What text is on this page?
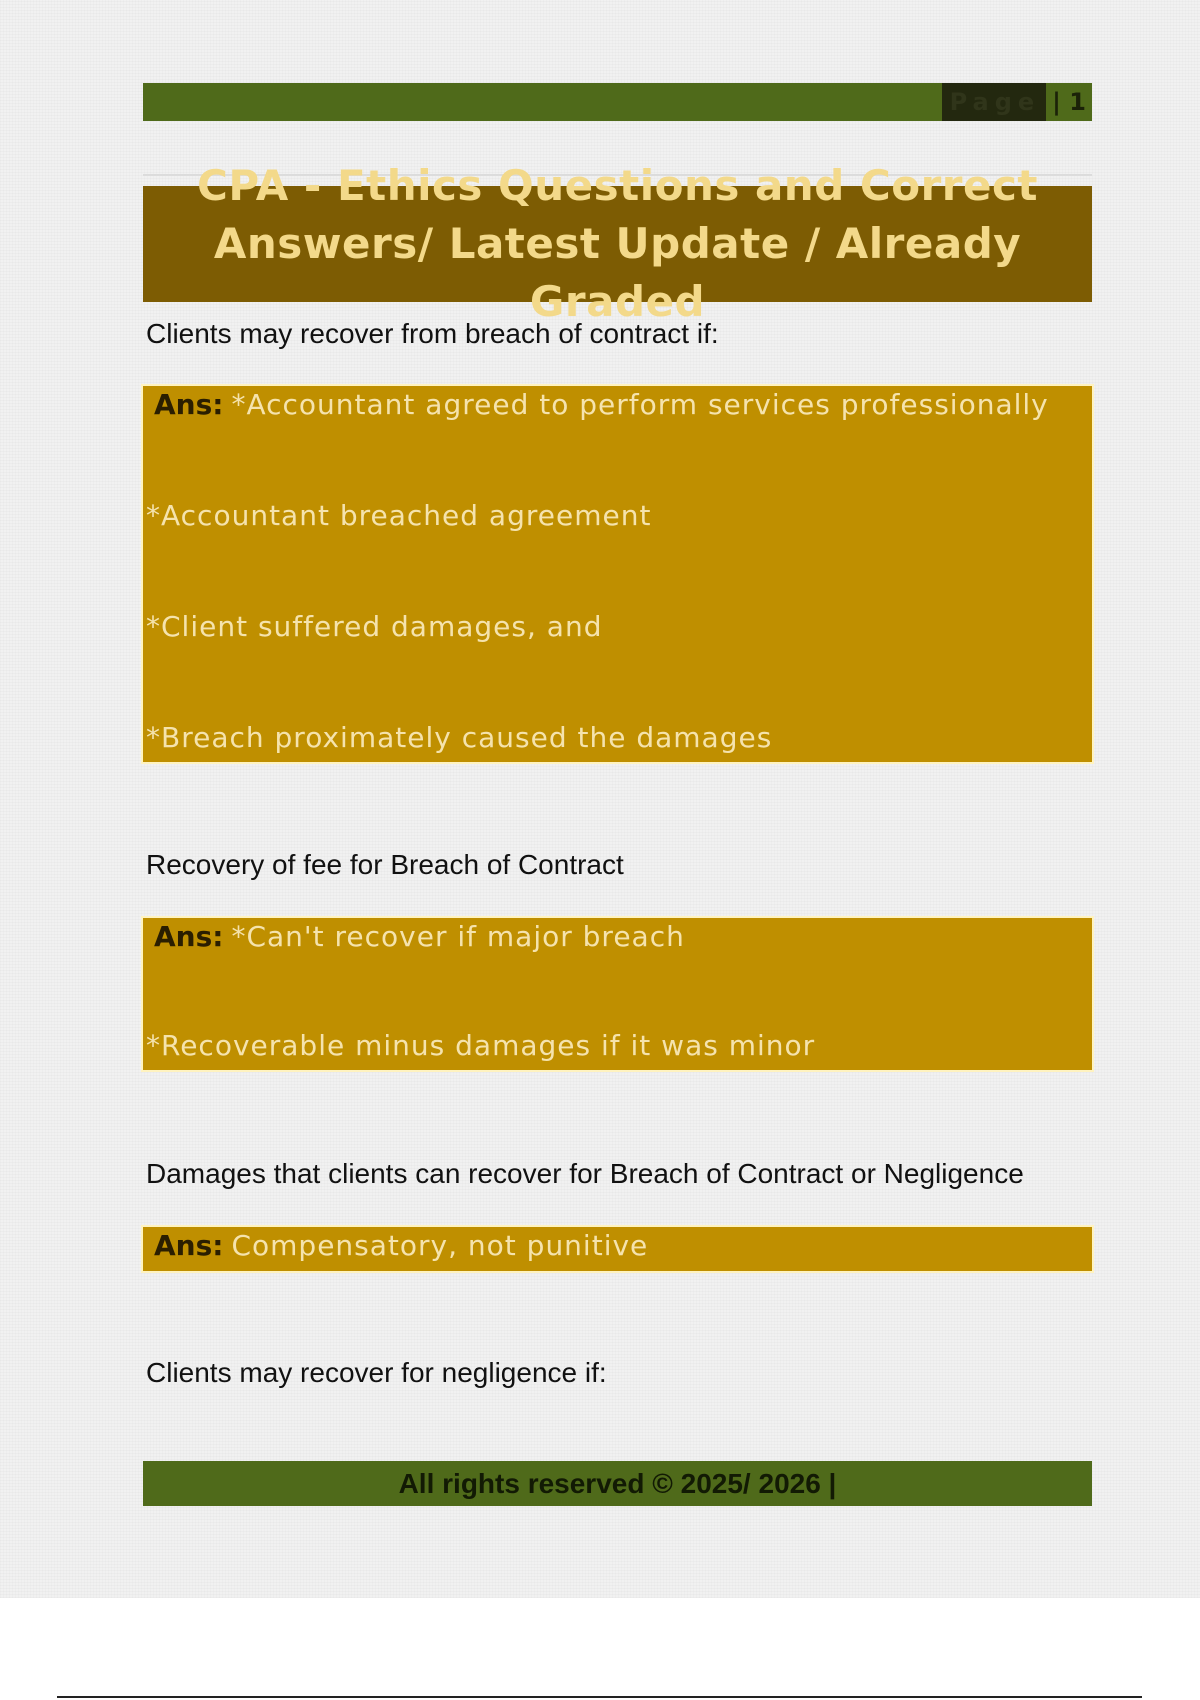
Page | 1
CPA - Ethics Questions and Correct Answers/ Latest Update / Already Graded
Clients may recover from breach of contract if:
Ans: *Accountant agreed to perform services professionally
*Accountant breached agreement
*Client suffered damages, and
*Breach proximately caused the damages
Recovery of fee for Breach of Contract
Ans: *Can't recover if major breach
*Recoverable minus damages if it was minor
Damages that clients can recover for Breach of Contract or Negligence
Ans: Compensatory, not punitive
Clients may recover for negligence if:
All rights reserved © 2025/ 2026 |
